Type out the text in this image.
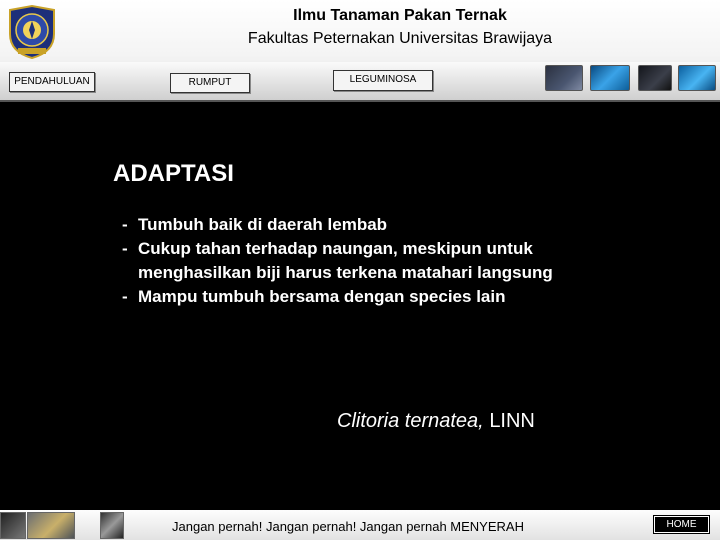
Ilmu Tanaman Pakan Ternak
Fakultas Peternakan Universitas Brawijaya
PENDAHULUAN	RUMPUT	LEGUMINOSA
ADAPTASI
- Tumbuh baik di daerah lembab
- Cukup tahan terhadap naungan, meskipun untuk menghasilkan biji harus terkena matahari langsung
- Mampu tumbuh bersama dengan species lain
Clitoria ternatea, LINN
Jangan pernah! Jangan pernah! Jangan pernah MENYERAH	HOME
